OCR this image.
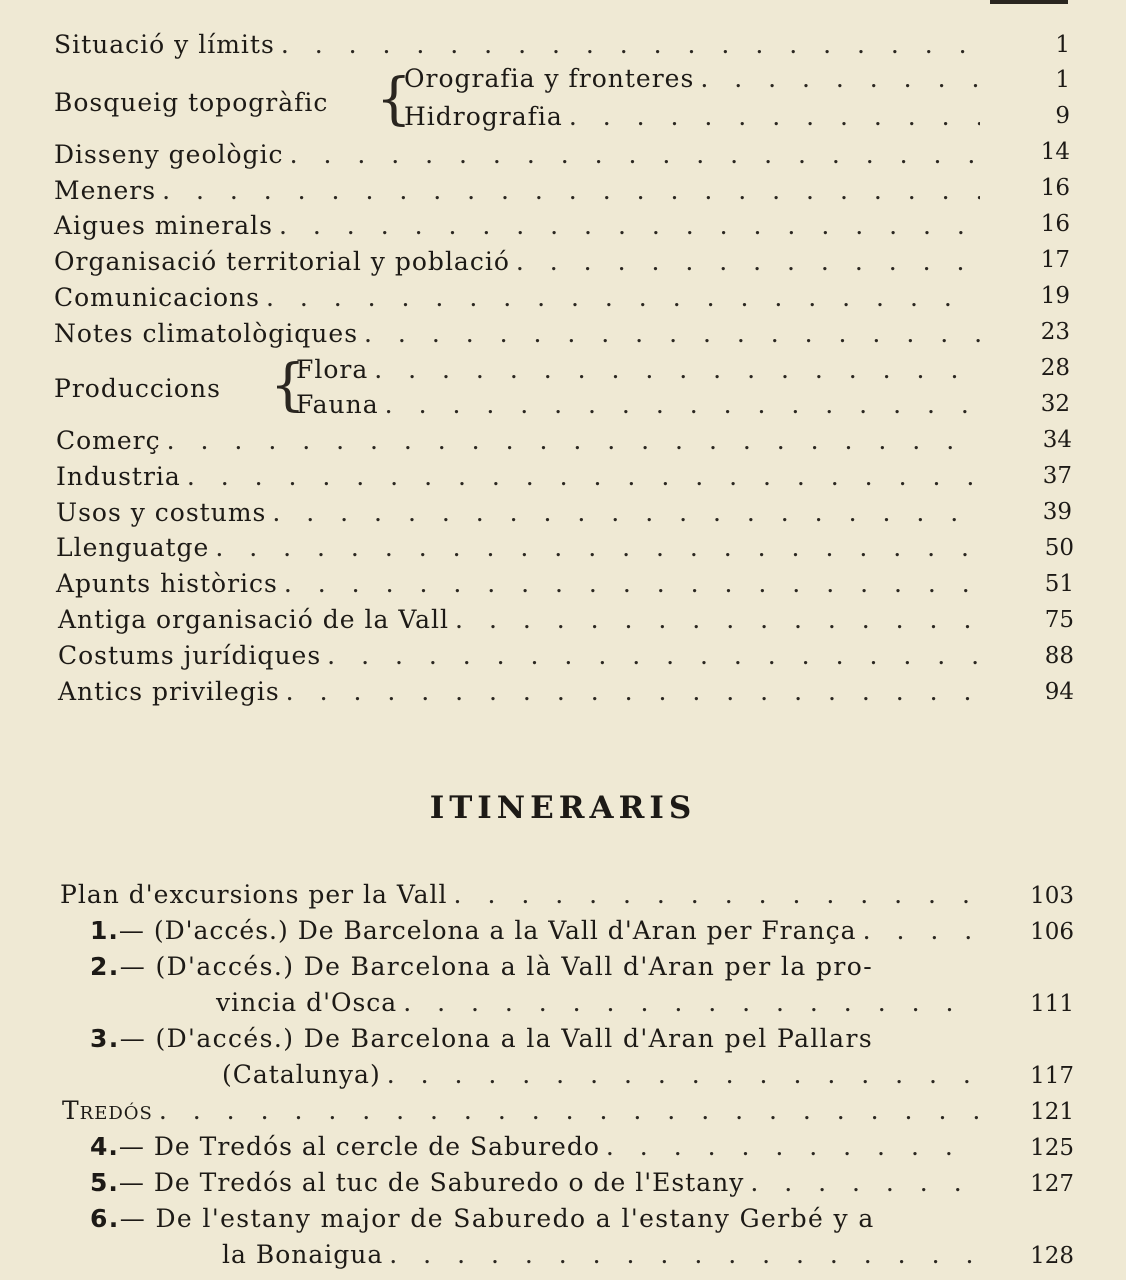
Situació y límits . . .	1
Bosqueig topogràfic {
Orografia y fronteres . . .	1
Hidrografia . . .	9
Disseny geològic . . .	14
Meners . . .	16
Aigues minerals . . .	16
Organisació territorial y població . . .	17
Comunicacions . . .	19
Notes climatològiques . . .	23
Produccions {
Flora . . .	28
Fauna . . .	32
Comerç . . .	34
Industria . . .	37
Usos y costums . . .	39
Llenguatge . . .	50
Apunts històrics . . .	51
Antiga organisació de la Vall . . .	75
Costums jurídiques . . .	88
Antics privilegis . . .	94
ITINERARIS
Plan d'excursions per la Vall . . .	103
1. — (D'accés.) De Barcelona a la Vall d'Aran per França . . .	106
2.— (D'accés.) De Barcelona a là Vall d'Aran per la pro-
vincia d'Osca . . .	111
3.— (D'accés.) De Barcelona a la Vall d'Aran pel Pallars
(Catalunya) . . .	117
Tredós . . .	121
4. — De Tredós al cercle de Saburedo . . .	125
5. — De Tredós al tuc de Saburedo o de l'Estany . . .	127
6.— De l'estany major de Saburedo a l'estany Gerbé y a
la Bonaigua . . .	128
